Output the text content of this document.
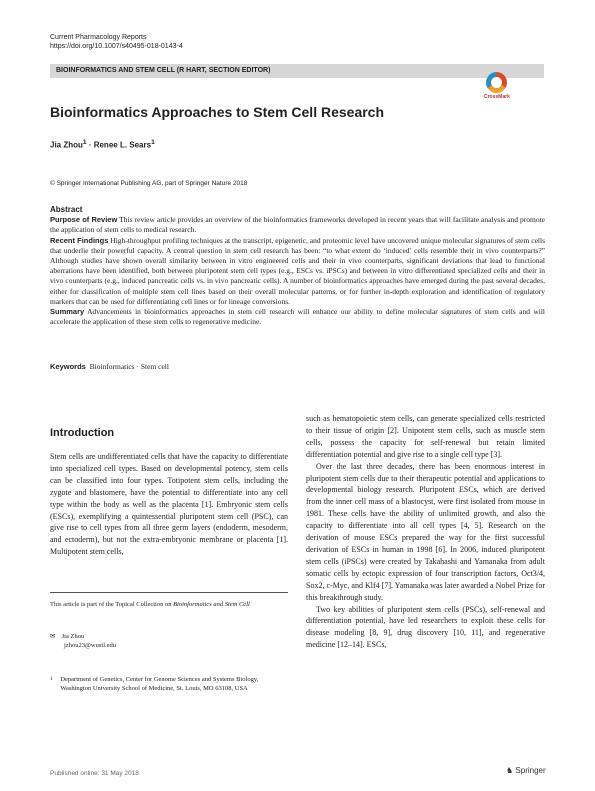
Current Pharmacology Reports
https://doi.org/10.1007/s40495-018-0143-4
BIOINFORMATICS AND STEM CELL (R HART, SECTION EDITOR)
CrossMark
Bioinformatics Approaches to Stem Cell Research
Jia Zhou$^1$ · Renee L. Sears$^1$
© Springer International Publishing AG, part of Springer Nature 2018
Abstract

Purpose of Review This review article provides an overview of the bioinformatics frameworks developed in recent years that will facilitate analysis and promote the application of stem cells to medical research.

Recent Findings High-throughput profiling techniques at the transcript, epigenetic, and proteomic level have uncovered unique molecular signatures of stem cells that underlie their powerful capacity. A central question in stem cell research has been: “to what extent do ‘induced’ cells resemble their in vivo counterparts?” Although studies have shown overall similarity between in vitro engineered cells and their in vivo counterparts, significant deviations that lead to functional aberrations have been identified, both between pluripotent stem cell types (e.g., ESCs vs. iPSCs) and between in vitro differentiated specialized cells and their in vivo counterparts (e.g., induced pancreatic cells vs. in vivo pancreatic cells). A number of bioinformatics approaches have emerged during the past several decades, either for classification of multiple stem cell lines based on their overall molecular patterns, or for further in-depth exploration and identification of regulatory markers that can be used for differentiating cell lines or for lineage conversions.

Summary Advancements in bioinformatics approaches in stem cell research will enhance our ability to define molecular signatures of stem cells and will accelerate the application of these stem cells to regenerative medicine.

Keywords Bioinformatics · Stem cell
Introduction

Stem cells are undifferentiated cells that have the capacity to differentiate into specialized cell types. Based on developmental potency, stem cells can be classified into four types. Totipotent stem cells, including the zygote and blastomere, have the potential to differentiate into any cell type within the body as well as the placenta [1]. Embryonic stem cells (ESCs), exemplifying a quintessential pluripotent stem cell (PSC), can give rise to cell types from all three germ layers (endoderm, mesoderm, and ectoderm), but not the extra-embryonic membrane or placenta [1]. Multipotent stem cells,

such as hematopoietic stem cells, can generate specialized cells restricted to their tissue of origin [2]. Unipotent stem cells, such as muscle stem cells, possess the capacity for self-renewal but retain limited differentiation potential and give rise to a single cell type [3].

Over the last three decades, there has been enormous interest in pluripotent stem cells due to their therapeutic potential and applications to developmental biology research. Pluripotent ESCs, which are derived from the inner cell mass of a blastocyst, were first isolated from mouse in 1981. These cells have the ability of unlimited growth, and also the capacity to differentiate into all cell types [4, 5]. Research on the derivation of mouse ESCs prepared the way for the first successful derivation of ESCs in human in 1998 [6]. In 2006, induced pluripotent stem cells (iPSCs) were created by Takahashi and Yamanaka from adult somatic cells by ectopic expression of four transcription factors, Oct3/4, Sox2, c-Myc, and Klf4 [7]. Yamanaka was later awarded a Nobel Prize for this breakthrough study.

Two key abilities of pluripotent stem cells (PSCs), self-renewal and differentiation potential, have led researchers to exploit these cells for disease modeling [8, 9], drug discovery [10, 11], and regenerative medicine [12–14]. ESCs,

This article is part of the Topical Collection on Bioinformatics and Stem Cell
✉ Jia Zhou
jzhou23@wustl.edu
$^1$ Department of Genetics, Center for Genome Sciences and Systems Biology, Washington University School of Medicine, St. Louis, MO 63108, USA
Published online: 31 May 2018	♞ Springer
